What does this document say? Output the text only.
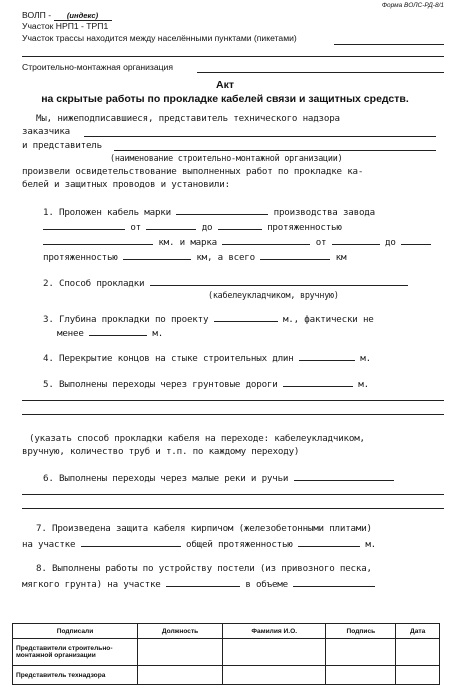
Форма ВОЛС-РД-8/1
ВОЛП - (индекс)
Участок НРП1 - ТРП1
Участок трассы находится между населёнными пунктами (пикетами)
Строительно-монтажная организация
Акт
на скрытые работы по прокладке кабелей связи и защитных средств.
Мы, нижеподписавшиеся, представитель технического надзора
заказчика
и представитель
(наименование строительно-монтажной организации)
произвели освидетельствование выполненных работ по прокладке ка-
белей и защитных проводов и установили:
1. Проложен кабель марки	производства завода
от	до	протяженностью
км. и марка	от	до
протяженностью	км, а всего	км
2. Способ прокладки
(кабелеукладчиком, вручную)
3. Глубина прокладки по проекту	м., фактически не
менее	м.
4. Перекрытие концов на стыке строительных длин	м.
5. Выполнены переходы через грунтовые дороги	м.
(указать способ прокладки кабеля на переходе: кабелеукладчиком,
вручную, количество труб и т.п. по каждому переходу)
6. Выполнены переходы через малые реки и ручьи
7. Произведена защита кабеля кирпичом (железобетонными плитами)
на участке	общей протяженностью	м.
8. Выполнены работы по устройству постели (из привозного песка,
мягкого грунта) на участке	в объеме
Подписали	Должность	Фамилия И.О.	Подпись	Дата
Представители строительно-монтажной организации				
Представитель технадзора				
